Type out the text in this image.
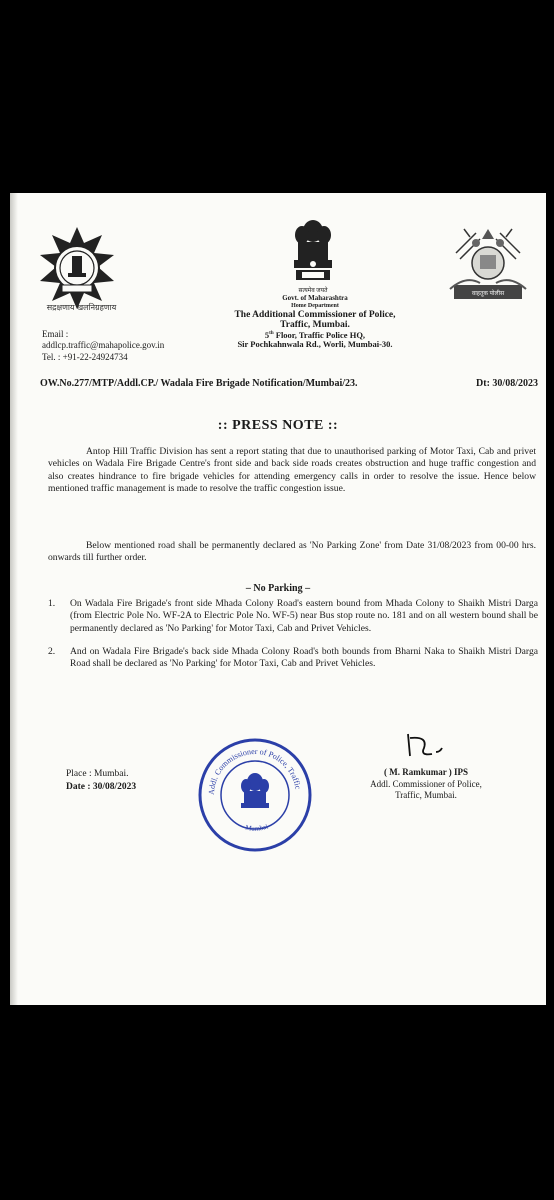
सद्रक्षणाय खलनिग्रहणाय
सत्यमेव जयते	वाहतूक पोलीस
Govt. of Maharashtra
Home Department
The Additional Commissioner of Police,
Traffic, Mumbai.
5th Floor, Traffic Police HQ,
Sir Pochkahnwala Rd., Worli, Mumbai-30.
Email :
addlcp.traffic@mahapolice.gov.in
Tel. : +91-22-24924734
OW.No.277/MTP/Addl.CP./ Wadala Fire Brigade Notification/Mumbai/23.	Dt: 30/08/2023
:: PRESS NOTE ::
Antop Hill Traffic Division has sent a report stating that due to unauthorised parking of Motor Taxi, Cab and privet vehicles on Wadala Fire Brigade Centre's front side and back side roads creates obstruction and huge traffic congestion and also creates hindrance to fire brigade vehicles for attending emergency calls in order to resolve the issue. Hence below mentioned traffic management is made to resolve the traffic congestion issue.
Below mentioned road shall be permanently declared as 'No Parking Zone' from Date 31/08/2023 from 00-00 hrs. onwards till further order.
– No Parking –
1. On Wadala Fire Brigade's front side Mhada Colony Road's eastern bound from Mhada Colony to Shaikh Mistri Darga (from Electric Pole No. WF-2A to Electric Pole No. WF-5) near Bus stop route no. 181 and on all western bound shall be permanently declared as 'No Parking' for Motor Taxi, Cab and Privet Vehicles.
2. And on Wadala Fire Brigade's back side Mhada Colony Road's both bounds from Bharni Naka to Shaikh Mistri Darga Road shall be declared as 'No Parking' for Motor Taxi, Cab and Privet Vehicles.
Place : Mumbai.
Date : 30/08/2023	Addl. Commissioner of Police, Traffic
Mumbai
( M. Ramkumar ) IPS
Addl. Commissioner of Police,
Traffic, Mumbai.
